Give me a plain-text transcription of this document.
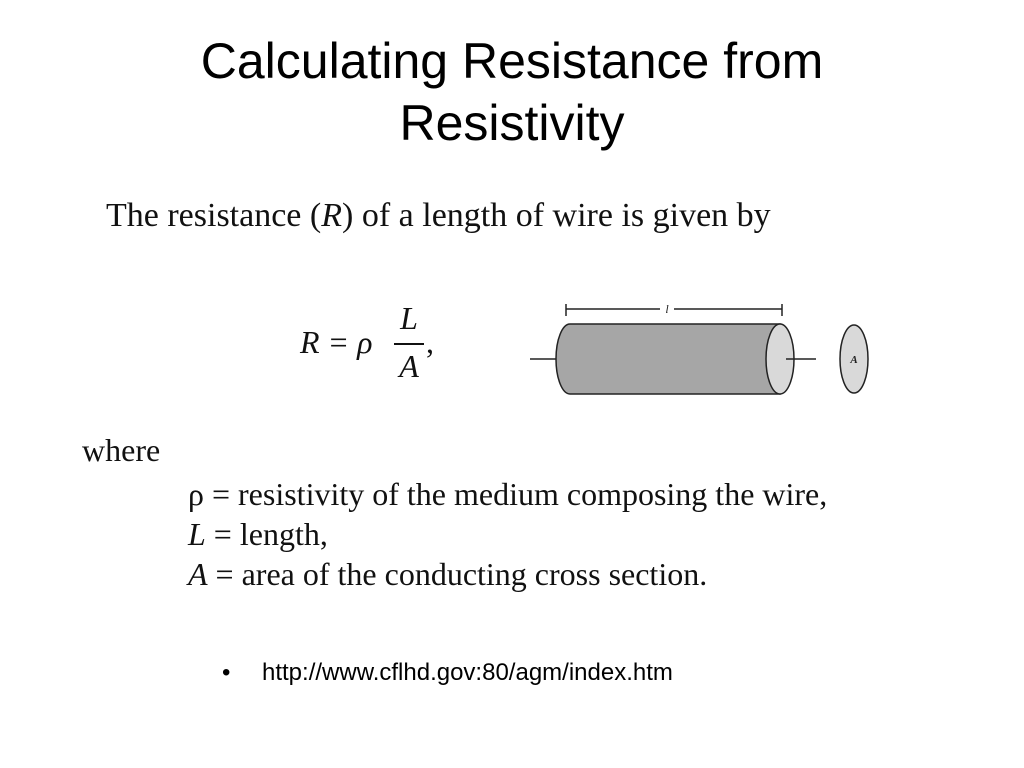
Calculating Resistance from
Resistivity
The resistance (R) of a length of wire is given by
R = ρ
L
A
,
l
A
where
ρ = resistivity of the medium composing the wire,
L = length,
A = area of the conducting cross section.
• http://www.cflhd.gov:80/agm/index.htm
